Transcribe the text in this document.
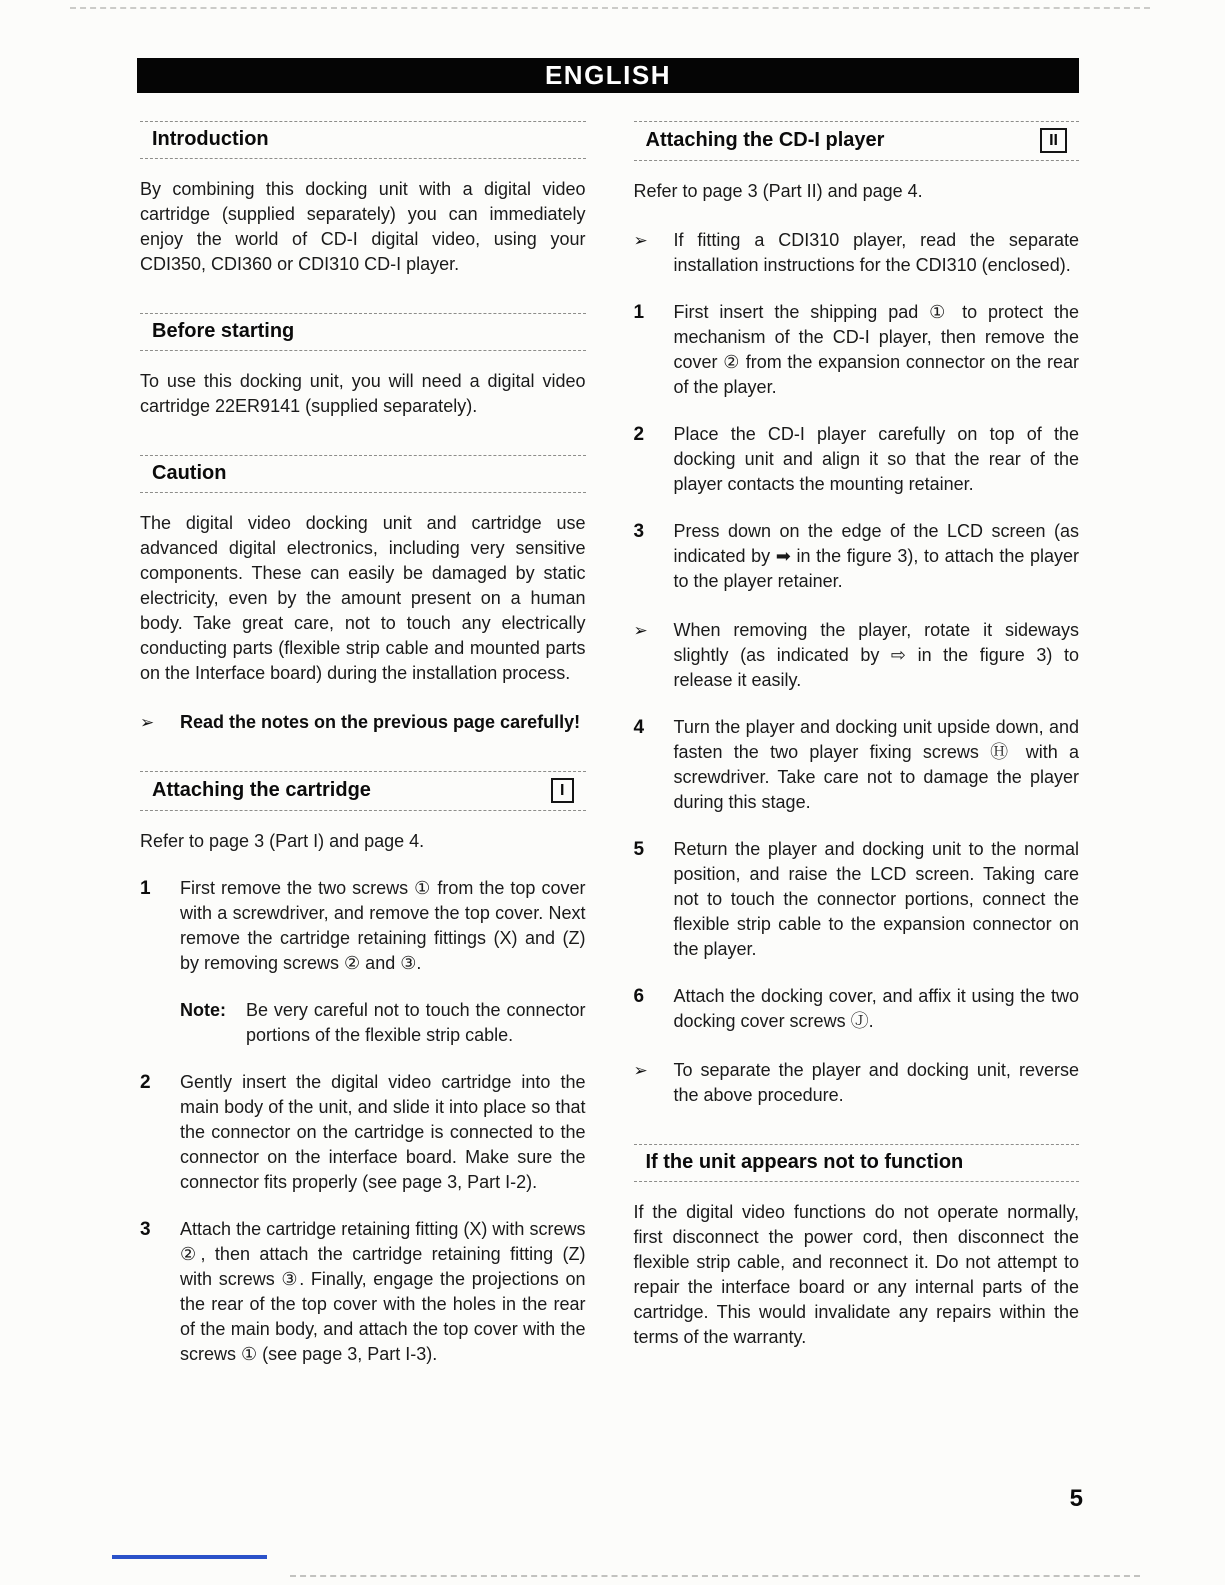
ENGLISH
Introduction

By combining this docking unit with a digital video cartridge (supplied separately) you can immediately enjoy the world of CD-I digital video, using your CDI350, CDI360 or CDI310 CD-I player.

Before starting

To use this docking unit, you will need a digital video cartridge 22ER9141 (supplied separately).

Caution

The digital video docking unit and cartridge use advanced digital electronics, including very sensitive components. These can easily be damaged by static electricity, even by the amount present on a human body. Take great care, not to touch any electrically conducting parts (flexible strip cable and mounted parts on the Interface board) during the installation process.

➢	Read the notes on the previous page carefully!

Attaching the cartridge	I

Refer to page 3 (Part I) and page 4.

1	First remove the two screws ① from the top cover with a screwdriver, and remove the top cover. Next remove the cartridge retaining fittings (X) and (Z) by removing screws ② and ③.

Note:	Be very careful not to touch the connector portions of the flexible strip cable.

2	Gently insert the digital video cartridge into the main body of the unit, and slide it into place so that the connector on the cartridge is connected to the connector on the interface board. Make sure the connector fits properly (see page 3, Part I-2).

3	Attach the cartridge retaining fitting (X) with screws ②, then attach the cartridge retaining fitting (Z) with screws ③. Finally, engage the projections on the rear of the top cover with the holes in the rear of the main body, and attach the top cover with the screws ① (see page 3, Part I-3).

Attaching the CD-I player	II

Refer to page 3 (Part II) and page 4.

➢	If fitting a CDI310 player, read the separate installation instructions for the CDI310 (enclosed).

1	First insert the shipping pad ① to protect the mechanism of the CD-I player, then remove the cover ② from the expansion connector on the rear of the player.

2	Place the CD-I player carefully on top of the docking unit and align it so that the rear of the player contacts the mounting retainer.

3	Press down on the edge of the LCD screen (as indicated by ➡ in the figure 3), to attach the player to the player retainer.

➢	When removing the player, rotate it sideways slightly (as indicated by ⇨ in the figure 3) to release it easily.

4	Turn the player and docking unit upside down, and fasten the two player fixing screws Ⓗ with a screwdriver. Take care not to damage the player during this stage.

5	Return the player and docking unit to the normal position, and raise the LCD screen. Taking care not to touch the connector portions, connect the flexible strip cable to the expansion connector on the player.

6	Attach the docking cover, and affix it using the two docking cover screws Ⓙ.

➢	To separate the player and docking unit, reverse the above procedure.

If the unit appears not to function

If the digital video functions do not operate normally, first disconnect the power cord, then disconnect the flexible strip cable, and reconnect it. Do not attempt to repair the interface board or any internal parts of the cartridge. This would invalidate any repairs within the terms of the warranty.

5
